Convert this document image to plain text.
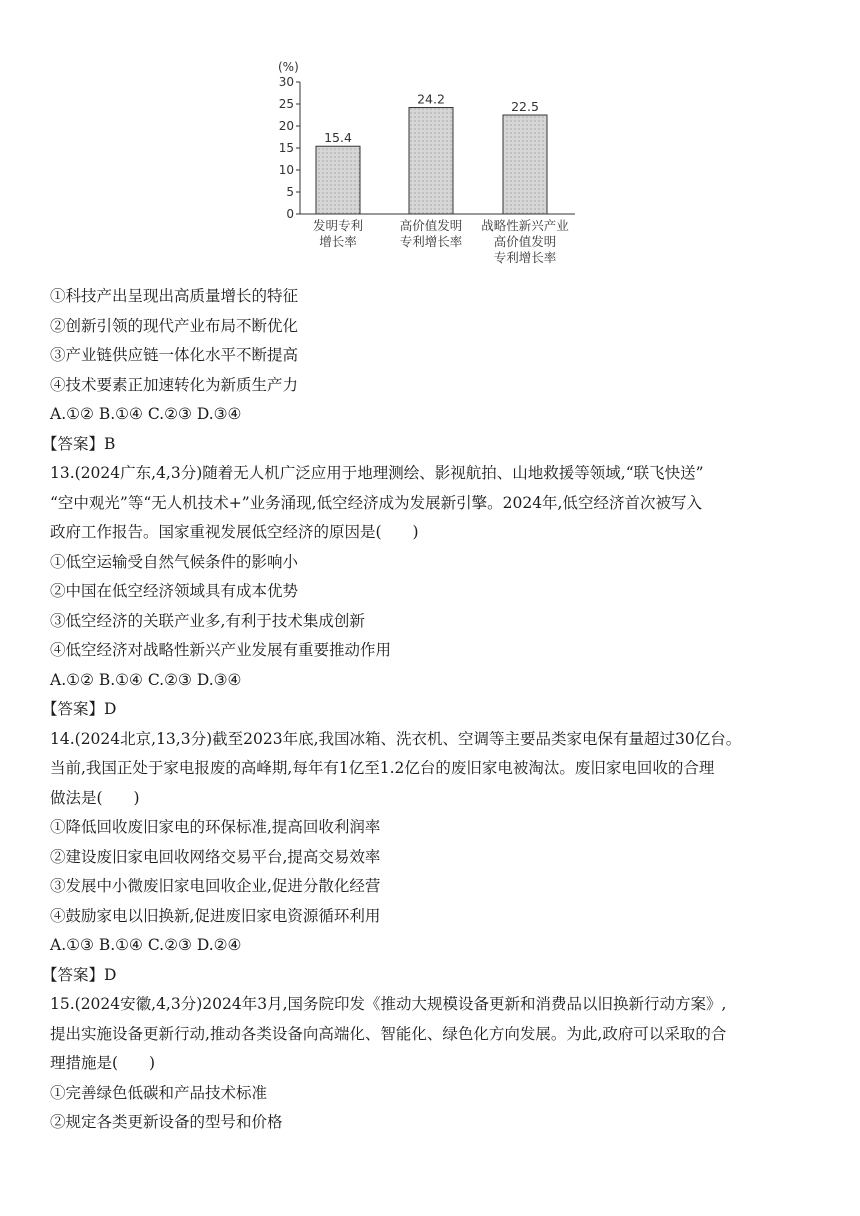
(%)
0
5
10
15
20
25
30
15.4
发明专利
增长率
24.2
高价值发明
专利增长率
22.5
战略性新兴产业
高价值发明
专利增长率
①科技产出呈现出高质量增长的特征
②创新引领的现代产业布局不断优化
③产业链供应链一体化水平不断提高
④技术要素正加速转化为新质生产力
A.①② B.①④ C.②③ D.③④
【答案】B
13.(2024广东,4,3分)随着无人机广泛应用于地理测绘、影视航拍、山地救援等领域,“联飞快送”
“空中观光”等“无人机技术+”业务涌现,低空经济成为发展新引擎。2024年,低空经济首次被写入
政府工作报告。国家重视发展低空经济的原因是(　　)
①低空运输受自然气候条件的影响小
②中国在低空经济领域具有成本优势
③低空经济的关联产业多,有利于技术集成创新
④低空经济对战略性新兴产业发展有重要推动作用
A.①② B.①④ C.②③ D.③④
【答案】D
14.(2024北京,13,3分)截至2023年底,我国冰箱、洗衣机、空调等主要品类家电保有量超过30亿台。
当前,我国正处于家电报废的高峰期,每年有1亿至1.2亿台的废旧家电被淘汰。废旧家电回收的合理
做法是(　　)
①降低回收废旧家电的环保标准,提高回收利润率
②建设废旧家电回收网络交易平台,提高交易效率
③发展中小微废旧家电回收企业,促进分散化经营
④鼓励家电以旧换新,促进废旧家电资源循环利用
A.①③ B.①④ C.②③ D.②④
【答案】D
15.(2024安徽,4,3分)2024年3月,国务院印发《推动大规模设备更新和消费品以旧换新行动方案》,
提出实施设备更新行动,推动各类设备向高端化、智能化、绿色化方向发展。为此,政府可以采取的合
理措施是(　　)
①完善绿色低碳和产品技术标准
②规定各类更新设备的型号和价格
